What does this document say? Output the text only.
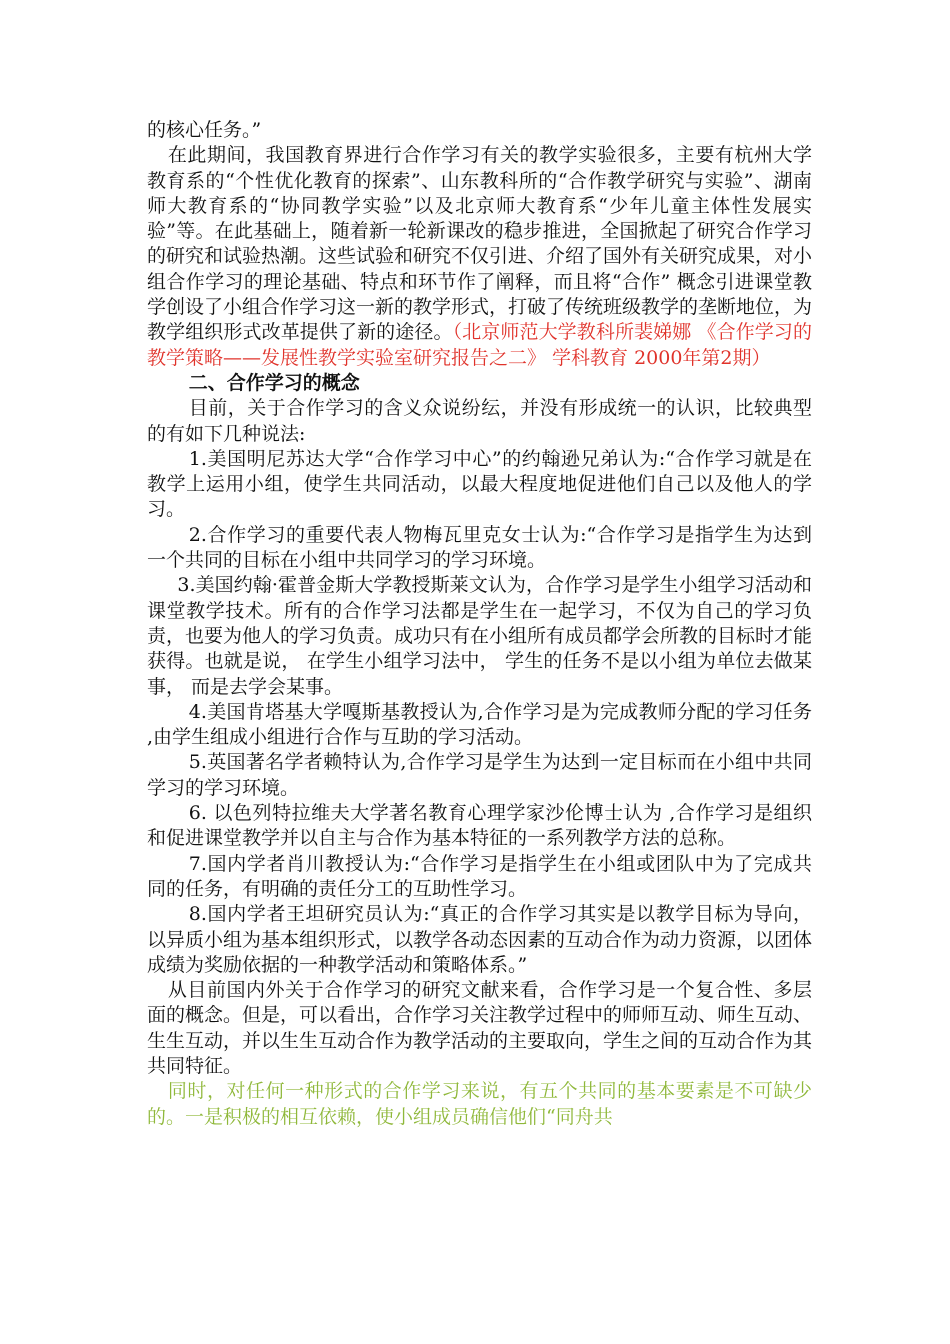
的核心任务。”

在此期间，我国教育界进行合作学习有关的教学实验很多，主要有杭州大学教育系的“个性优化教育的探索”、山东教科所的“合作教学研究与实验”、湖南师大教育系的“协同教学实验”以及北京师大教育系“少年儿童主体性发展实验”等。在此基础上，随着新一轮新课改的稳步推进，全国掀起了研究合作学习的研究和试验热潮。这些试验和研究不仅引进、介绍了国外有关研究成果，对小组合作学习的理论基础、特点和环节作了阐释，而且将“合作” 概念引进课堂教学创设了小组合作学习这一新的教学形式，打破了传统班级教学的垄断地位，为教学组织形式改革提供了新的途径。（北京师范大学教科所裴娣娜 《合作学习的教学策略——发展性教学实验室研究报告之二》 学科教育 2000年第2期）

二、合作学习的概念

目前，关于合作学习的含义众说纷纭，并没有形成统一的认识，比较典型的有如下几种说法:

1.美国明尼苏达大学“合作学习中心”的约翰逊兄弟认为:“合作学习就是在教学上运用小组，使学生共同活动，以最大程度地促进他们自己以及他人的学习。

2.合作学习的重要代表人物梅瓦里克女士认为:“合作学习是指学生为达到一个共同的目标在小组中共同学习的学习环境。

3.美国约翰·霍普金斯大学教授斯莱文认为，合作学习是学生小组学习活动和课堂教学技术。所有的合作学习法都是学生在一起学习，不仅为自己的学习负责，也要为他人的学习负责。成功只有在小组所有成员都学会所教的目标时才能获得。也就是说， 在学生小组学习法中， 学生的任务不是以小组为单位去做某事， 而是去学会某事。

4.美国肯塔基大学嘎斯基教授认为,合作学习是为完成教师分配的学习任务 ,由学生组成小组进行合作与互助的学习活动。

5.英国著名学者赖特认为,合作学习是学生为达到一定目标而在小组中共同学习的学习环境。

6. 以色列特拉维夫大学著名教育心理学家沙伦博士认为 ,合作学习是组织和促进课堂教学并以自主与合作为基本特征的一系列教学方法的总称。

7.国内学者肖川教授认为:“合作学习是指学生在小组或团队中为了完成共同的任务，有明确的责任分工的互助性学习。

8.国内学者王坦研究员认为:“真正的合作学习其实是以教学目标为导向，以异质小组为基本组织形式，以教学各动态因素的互动合作为动力资源，以团体成绩为奖励依据的一种教学活动和策略体系。”

从目前国内外关于合作学习的研究文献来看，合作学习是一个复合性、多层面的概念。但是，可以看出，合作学习关注教学过程中的师师互动、师生互动、生生互动，并以生生互动合作为教学活动的主要取向，学生之间的互动合作为其共同特征。

同时，对任何一种形式的合作学习来说，有五个共同的基本要素是不可缺少的。一是积极的相互依赖，使小组成员确信他们“同舟共
